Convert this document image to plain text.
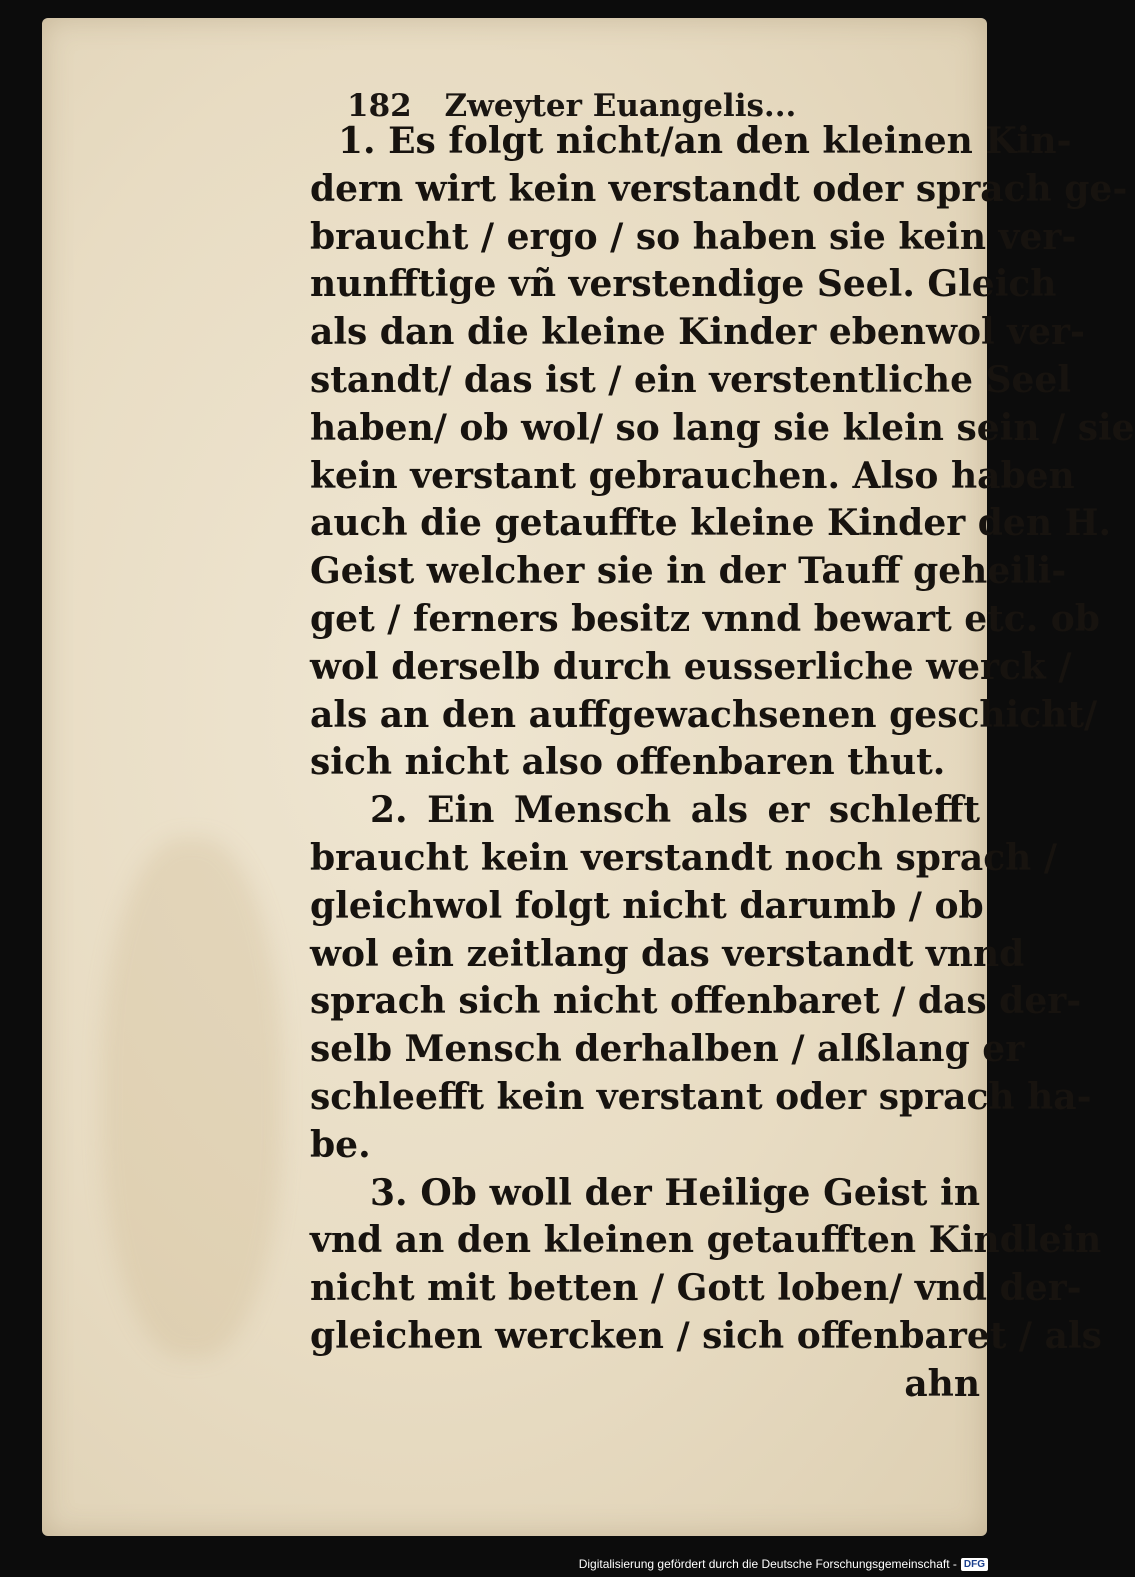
182 Zweyter Euangelis...
1. Es folgt nicht/an den kleinen Kin-
dern wirt kein verstandt oder sprach ge-
braucht / ergo / so haben sie kein ver-
nunfftige vñ verstendige Seel. Gleich
als dan die kleine Kinder ebenwol ver-
standt/ das ist / ein verstentliche Seel
haben/ ob wol/ so lang sie klein sein / sie
kein verstant gebrauchen. Also haben
auch die getauffte kleine Kinder den H.
Geist welcher sie in der Tauff geheili-
get / ferners besitz vnnd bewart etc. ob
wol derselb durch eusserliche werck /
als an den auffgewachsenen geschicht/
sich nicht also offenbaren thut.
2. Ein Mensch als er schlefft
braucht kein verstandt noch sprach /
gleichwol folgt nicht darumb / ob
wol ein zeitlang das verstandt vnnd
sprach sich nicht offenbaret / das der-
selb Mensch derhalben / alßlang er
schleefft kein verstant oder sprach ha-
be.
3. Ob woll der Heilige Geist in
vnd an den kleinen getaufften Kindlein
nicht mit betten / Gott loben/ vnd der-
gleichen wercken / sich offenbaret / als
ahn
Digitalisierung gefördert durch die Deutsche Forschungsgemeinschaft - DFG
